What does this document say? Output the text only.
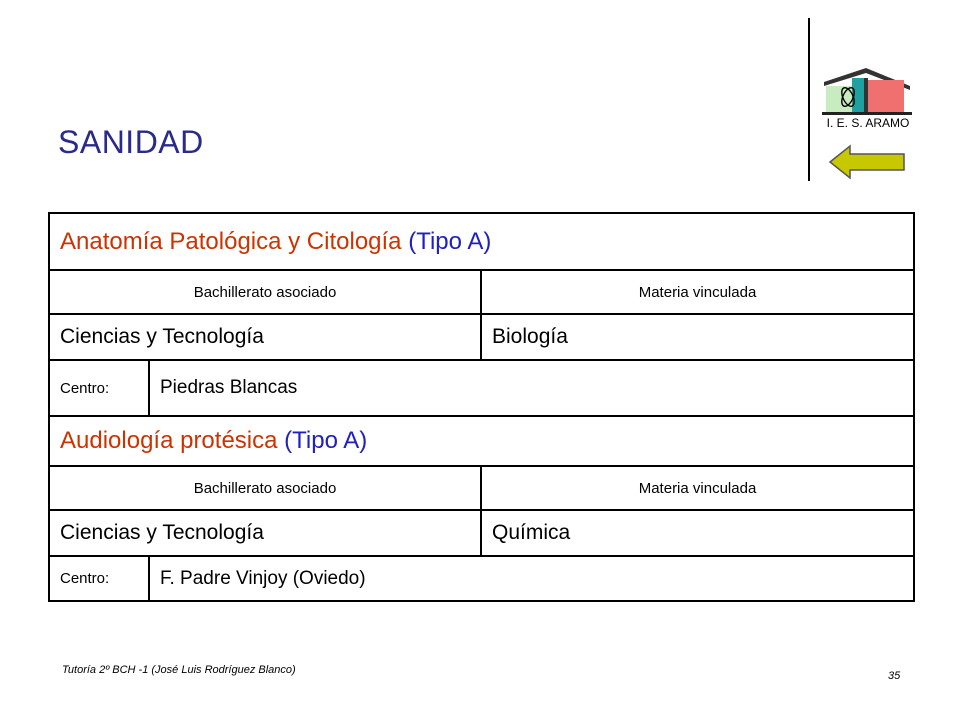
SANIDAD
I. E. S. ARAMO
Anatomía Patológica y Citología (Tipo A)		
Bachillerato asociado		Materia vinculada
Ciencias y Tecnología		Biología
Centro:	Piedras Blancas	
Audiología protésica (Tipo A)		
Bachillerato asociado		Materia vinculada
Ciencias y Tecnología		Química
Centro:	F. Padre Vinjoy (Oviedo)	
Tutoría 2º BCH -1 (José Luis Rodríguez Blanco)	35
